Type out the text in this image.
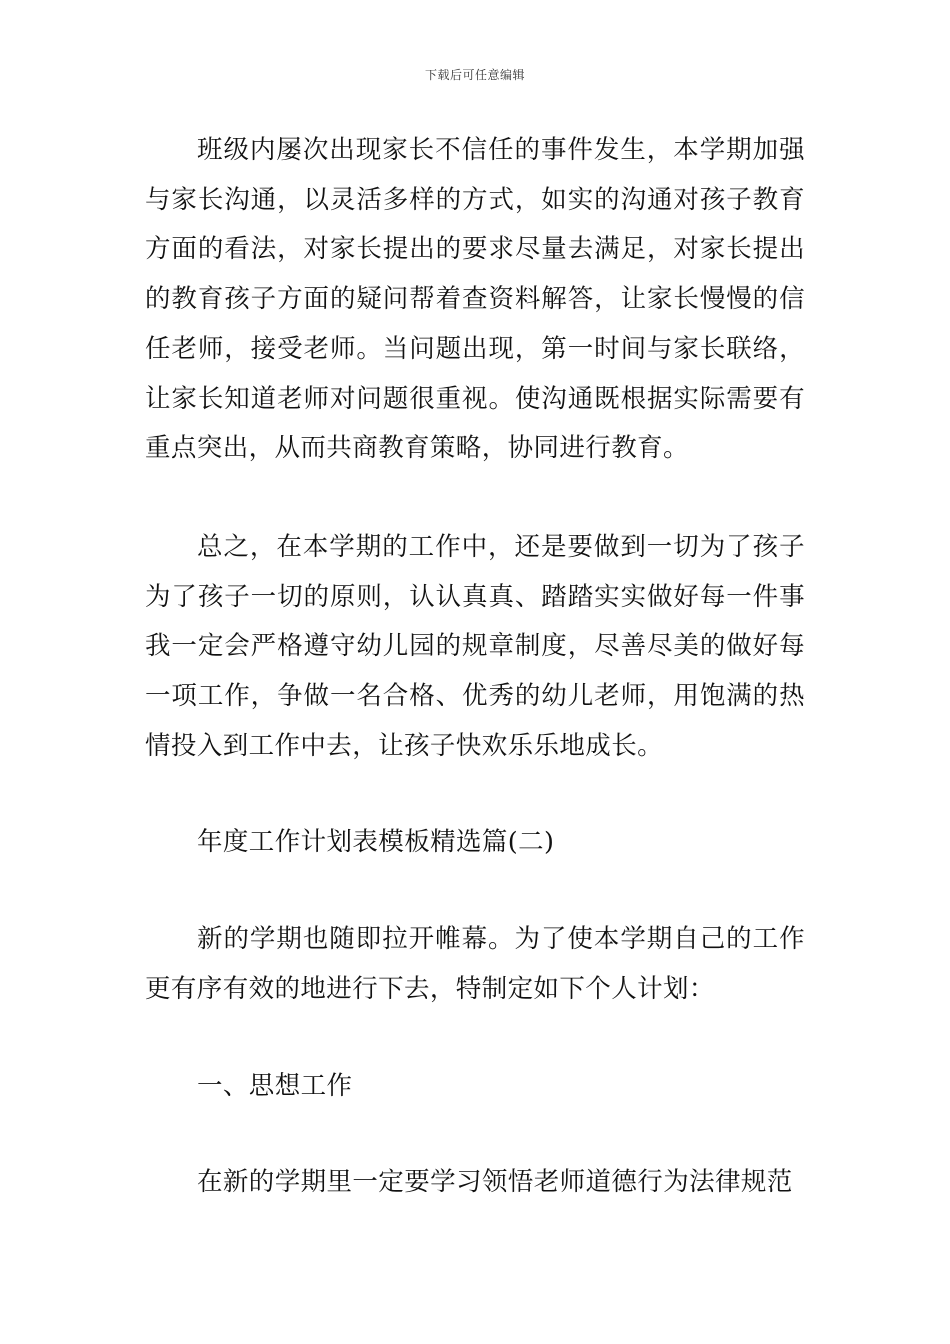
下载后可任意编辑

班级内屡次出现家长不信任的事件发生，本学期加强与家长沟通，以灵活多样的方式，如实的沟通对孩子教育方面的看法，对家长提出的要求尽量去满足，对家长提出的教育孩子方面的疑问帮着查资料解答，让家长慢慢的信任老师，接受老师。当问题出现，第一时间与家长联络，让家长知道老师对问题很重视。使沟通既根据实际需要有重点突出，从而共商教育策略，协同进行教育。

总之，在本学期的工作中，还是要做到一切为了孩子为了孩子一切的原则，认认真真、踏踏实实做好每一件事我一定会严格遵守幼儿园的规章制度，尽善尽美的做好每一项工作，争做一名合格、优秀的幼儿老师，用饱满的热情投入到工作中去，让孩子快欢乐乐地成长。

年度工作计划表模板精选篇(二)

新的学期也随即拉开帷幕。为了使本学期自己的工作更有序有效的地进行下去，特制定如下个人计划：

一、思想工作

在新的学期里一定要学习领悟老师道德行为法律规范
